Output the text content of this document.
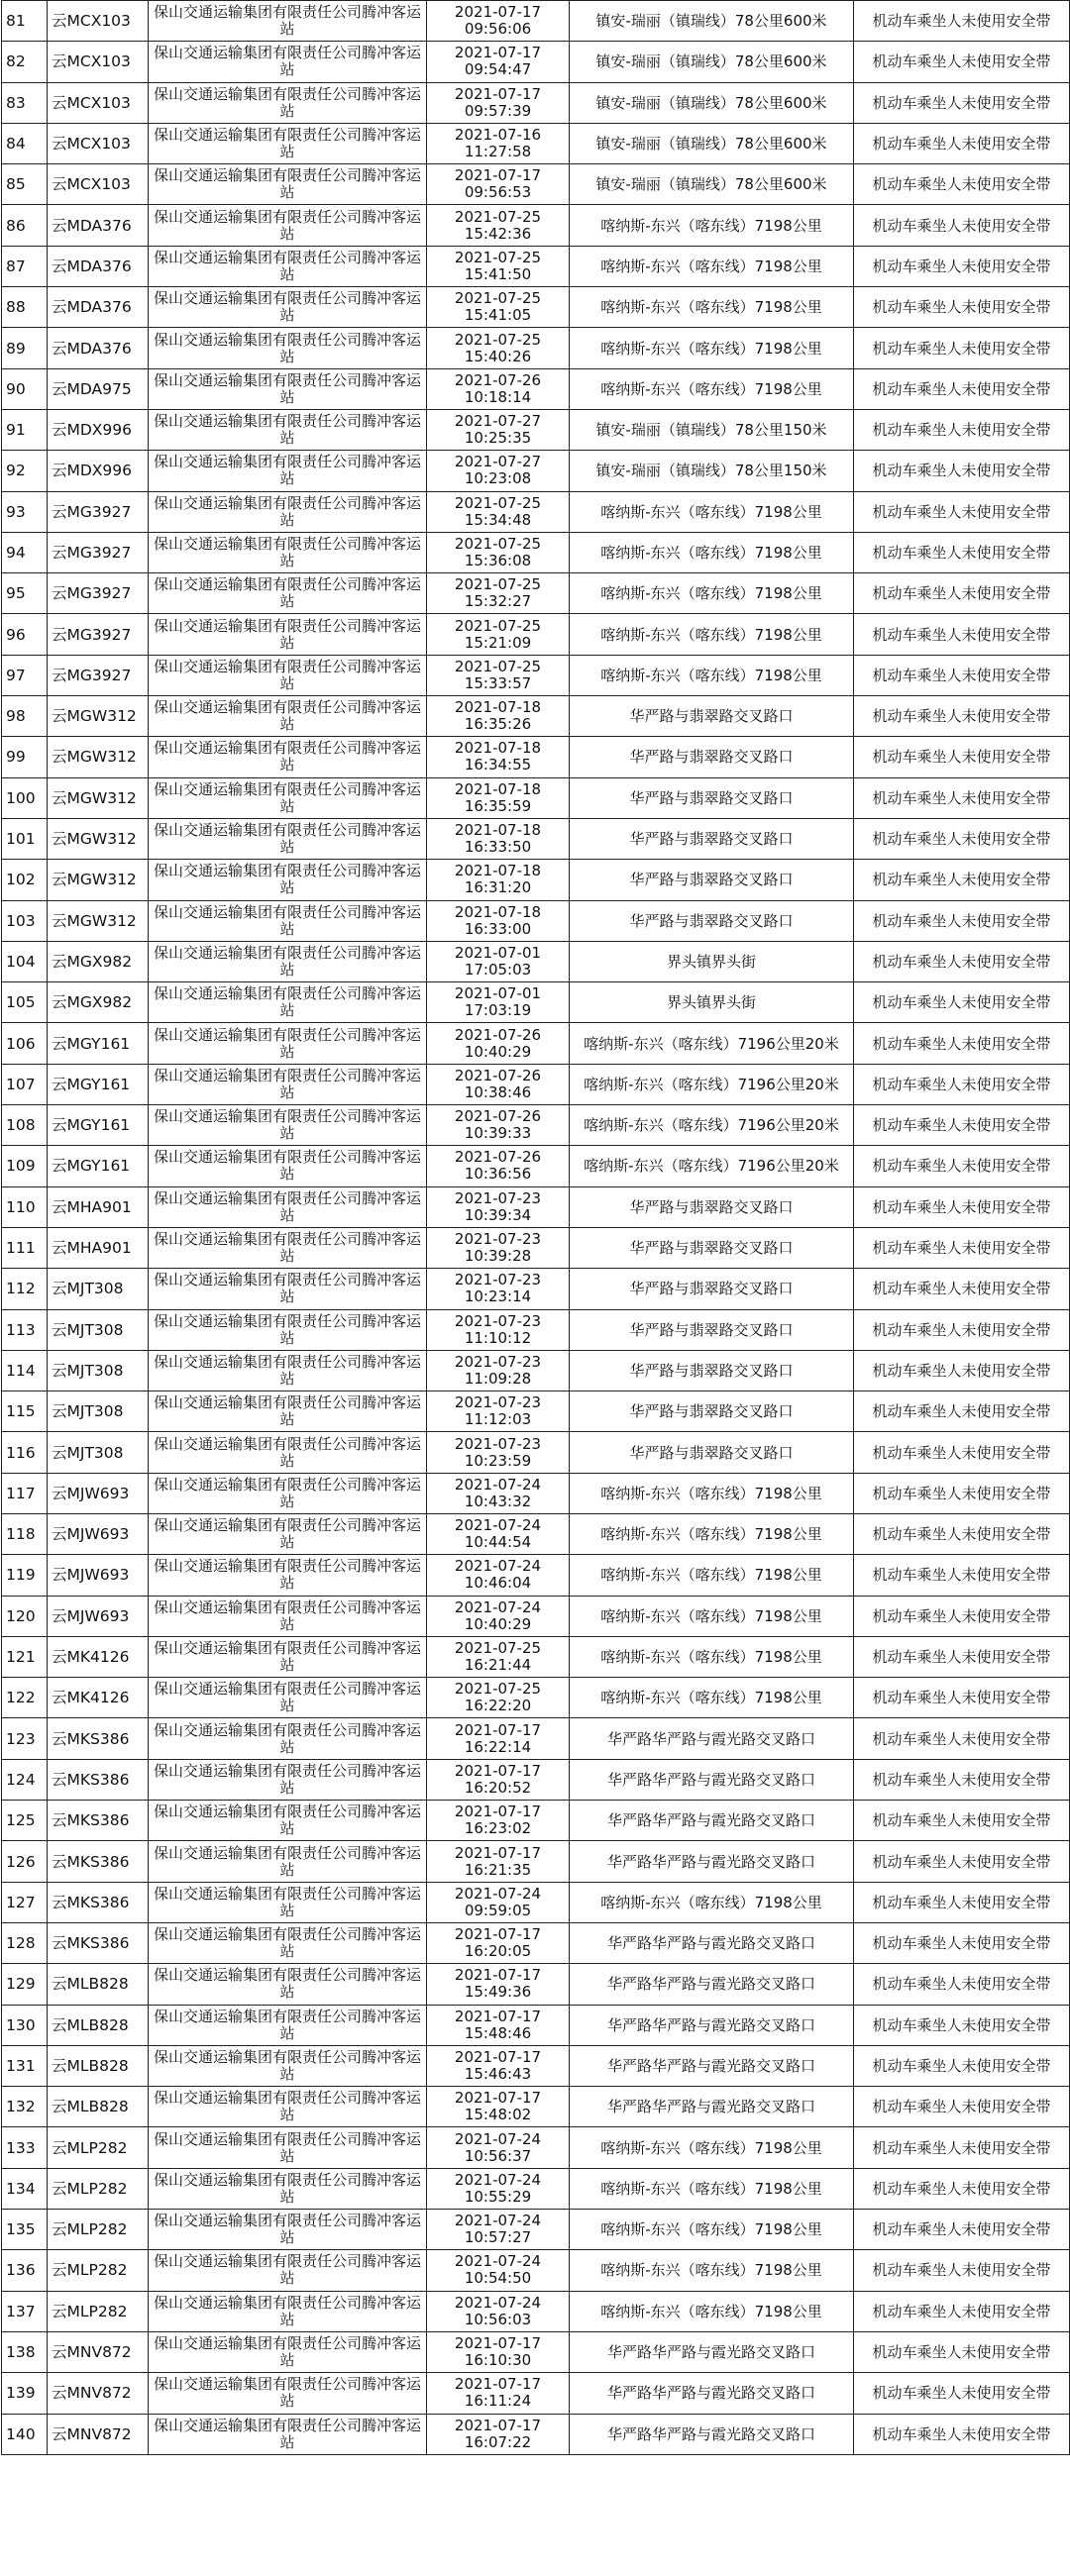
81	云MCX103	保山交通运输集团有限责任公司腾冲客运站	2021-07-17 09:56:06	镇安-瑞丽（镇瑞线）78公里600米	机动车乘坐人未使用安全带
82	云MCX103	保山交通运输集团有限责任公司腾冲客运站	2021-07-17 09:54:47	镇安-瑞丽（镇瑞线）78公里600米	机动车乘坐人未使用安全带
83	云MCX103	保山交通运输集团有限责任公司腾冲客运站	2021-07-17 09:57:39	镇安-瑞丽（镇瑞线）78公里600米	机动车乘坐人未使用安全带
84	云MCX103	保山交通运输集团有限责任公司腾冲客运站	2021-07-16 11:27:58	镇安-瑞丽（镇瑞线）78公里600米	机动车乘坐人未使用安全带
85	云MCX103	保山交通运输集团有限责任公司腾冲客运站	2021-07-17 09:56:53	镇安-瑞丽（镇瑞线）78公里600米	机动车乘坐人未使用安全带
86	云MDA376	保山交通运输集团有限责任公司腾冲客运站	2021-07-25 15:42:36	喀纳斯-东兴（喀东线）7198公里	机动车乘坐人未使用安全带
87	云MDA376	保山交通运输集团有限责任公司腾冲客运站	2021-07-25 15:41:50	喀纳斯-东兴（喀东线）7198公里	机动车乘坐人未使用安全带
88	云MDA376	保山交通运输集团有限责任公司腾冲客运站	2021-07-25 15:41:05	喀纳斯-东兴（喀东线）7198公里	机动车乘坐人未使用安全带
89	云MDA376	保山交通运输集团有限责任公司腾冲客运站	2021-07-25 15:40:26	喀纳斯-东兴（喀东线）7198公里	机动车乘坐人未使用安全带
90	云MDA975	保山交通运输集团有限责任公司腾冲客运站	2021-07-26 10:18:14	喀纳斯-东兴（喀东线）7198公里	机动车乘坐人未使用安全带
91	云MDX996	保山交通运输集团有限责任公司腾冲客运站	2021-07-27 10:25:35	镇安-瑞丽（镇瑞线）78公里150米	机动车乘坐人未使用安全带
92	云MDX996	保山交通运输集团有限责任公司腾冲客运站	2021-07-27 10:23:08	镇安-瑞丽（镇瑞线）78公里150米	机动车乘坐人未使用安全带
93	云MG3927	保山交通运输集团有限责任公司腾冲客运站	2021-07-25 15:34:48	喀纳斯-东兴（喀东线）7198公里	机动车乘坐人未使用安全带
94	云MG3927	保山交通运输集团有限责任公司腾冲客运站	2021-07-25 15:36:08	喀纳斯-东兴（喀东线）7198公里	机动车乘坐人未使用安全带
95	云MG3927	保山交通运输集团有限责任公司腾冲客运站	2021-07-25 15:32:27	喀纳斯-东兴（喀东线）7198公里	机动车乘坐人未使用安全带
96	云MG3927	保山交通运输集团有限责任公司腾冲客运站	2021-07-25 15:21:09	喀纳斯-东兴（喀东线）7198公里	机动车乘坐人未使用安全带
97	云MG3927	保山交通运输集团有限责任公司腾冲客运站	2021-07-25 15:33:57	喀纳斯-东兴（喀东线）7198公里	机动车乘坐人未使用安全带
98	云MGW312	保山交通运输集团有限责任公司腾冲客运站	2021-07-18 16:35:26	华严路与翡翠路交叉路口	机动车乘坐人未使用安全带
99	云MGW312	保山交通运输集团有限责任公司腾冲客运站	2021-07-18 16:34:55	华严路与翡翠路交叉路口	机动车乘坐人未使用安全带
100	云MGW312	保山交通运输集团有限责任公司腾冲客运站	2021-07-18 16:35:59	华严路与翡翠路交叉路口	机动车乘坐人未使用安全带
101	云MGW312	保山交通运输集团有限责任公司腾冲客运站	2021-07-18 16:33:50	华严路与翡翠路交叉路口	机动车乘坐人未使用安全带
102	云MGW312	保山交通运输集团有限责任公司腾冲客运站	2021-07-18 16:31:20	华严路与翡翠路交叉路口	机动车乘坐人未使用安全带
103	云MGW312	保山交通运输集团有限责任公司腾冲客运站	2021-07-18 16:33:00	华严路与翡翠路交叉路口	机动车乘坐人未使用安全带
104	云MGX982	保山交通运输集团有限责任公司腾冲客运站	2021-07-01 17:05:03	界头镇界头街	机动车乘坐人未使用安全带
105	云MGX982	保山交通运输集团有限责任公司腾冲客运站	2021-07-01 17:03:19	界头镇界头街	机动车乘坐人未使用安全带
106	云MGY161	保山交通运输集团有限责任公司腾冲客运站	2021-07-26 10:40:29	喀纳斯-东兴（喀东线）7196公里20米	机动车乘坐人未使用安全带
107	云MGY161	保山交通运输集团有限责任公司腾冲客运站	2021-07-26 10:38:46	喀纳斯-东兴（喀东线）7196公里20米	机动车乘坐人未使用安全带
108	云MGY161	保山交通运输集团有限责任公司腾冲客运站	2021-07-26 10:39:33	喀纳斯-东兴（喀东线）7196公里20米	机动车乘坐人未使用安全带
109	云MGY161	保山交通运输集团有限责任公司腾冲客运站	2021-07-26 10:36:56	喀纳斯-东兴（喀东线）7196公里20米	机动车乘坐人未使用安全带
110	云MHA901	保山交通运输集团有限责任公司腾冲客运站	2021-07-23 10:39:34	华严路与翡翠路交叉路口	机动车乘坐人未使用安全带
111	云MHA901	保山交通运输集团有限责任公司腾冲客运站	2021-07-23 10:39:28	华严路与翡翠路交叉路口	机动车乘坐人未使用安全带
112	云MJT308	保山交通运输集团有限责任公司腾冲客运站	2021-07-23 10:23:14	华严路与翡翠路交叉路口	机动车乘坐人未使用安全带
113	云MJT308	保山交通运输集团有限责任公司腾冲客运站	2021-07-23 11:10:12	华严路与翡翠路交叉路口	机动车乘坐人未使用安全带
114	云MJT308	保山交通运输集团有限责任公司腾冲客运站	2021-07-23 11:09:28	华严路与翡翠路交叉路口	机动车乘坐人未使用安全带
115	云MJT308	保山交通运输集团有限责任公司腾冲客运站	2021-07-23 11:12:03	华严路与翡翠路交叉路口	机动车乘坐人未使用安全带
116	云MJT308	保山交通运输集团有限责任公司腾冲客运站	2021-07-23 10:23:59	华严路与翡翠路交叉路口	机动车乘坐人未使用安全带
117	云MJW693	保山交通运输集团有限责任公司腾冲客运站	2021-07-24 10:43:32	喀纳斯-东兴（喀东线）7198公里	机动车乘坐人未使用安全带
118	云MJW693	保山交通运输集团有限责任公司腾冲客运站	2021-07-24 10:44:54	喀纳斯-东兴（喀东线）7198公里	机动车乘坐人未使用安全带
119	云MJW693	保山交通运输集团有限责任公司腾冲客运站	2021-07-24 10:46:04	喀纳斯-东兴（喀东线）7198公里	机动车乘坐人未使用安全带
120	云MJW693	保山交通运输集团有限责任公司腾冲客运站	2021-07-24 10:40:29	喀纳斯-东兴（喀东线）7198公里	机动车乘坐人未使用安全带
121	云MK4126	保山交通运输集团有限责任公司腾冲客运站	2021-07-25 16:21:44	喀纳斯-东兴（喀东线）7198公里	机动车乘坐人未使用安全带
122	云MK4126	保山交通运输集团有限责任公司腾冲客运站	2021-07-25 16:22:20	喀纳斯-东兴（喀东线）7198公里	机动车乘坐人未使用安全带
123	云MKS386	保山交通运输集团有限责任公司腾冲客运站	2021-07-17 16:22:14	华严路华严路与霞光路交叉路口	机动车乘坐人未使用安全带
124	云MKS386	保山交通运输集团有限责任公司腾冲客运站	2021-07-17 16:20:52	华严路华严路与霞光路交叉路口	机动车乘坐人未使用安全带
125	云MKS386	保山交通运输集团有限责任公司腾冲客运站	2021-07-17 16:23:02	华严路华严路与霞光路交叉路口	机动车乘坐人未使用安全带
126	云MKS386	保山交通运输集团有限责任公司腾冲客运站	2021-07-17 16:21:35	华严路华严路与霞光路交叉路口	机动车乘坐人未使用安全带
127	云MKS386	保山交通运输集团有限责任公司腾冲客运站	2021-07-24 09:59:05	喀纳斯-东兴（喀东线）7198公里	机动车乘坐人未使用安全带
128	云MKS386	保山交通运输集团有限责任公司腾冲客运站	2021-07-17 16:20:05	华严路华严路与霞光路交叉路口	机动车乘坐人未使用安全带
129	云MLB828	保山交通运输集团有限责任公司腾冲客运站	2021-07-17 15:49:36	华严路华严路与霞光路交叉路口	机动车乘坐人未使用安全带
130	云MLB828	保山交通运输集团有限责任公司腾冲客运站	2021-07-17 15:48:46	华严路华严路与霞光路交叉路口	机动车乘坐人未使用安全带
131	云MLB828	保山交通运输集团有限责任公司腾冲客运站	2021-07-17 15:46:43	华严路华严路与霞光路交叉路口	机动车乘坐人未使用安全带
132	云MLB828	保山交通运输集团有限责任公司腾冲客运站	2021-07-17 15:48:02	华严路华严路与霞光路交叉路口	机动车乘坐人未使用安全带
133	云MLP282	保山交通运输集团有限责任公司腾冲客运站	2021-07-24 10:56:37	喀纳斯-东兴（喀东线）7198公里	机动车乘坐人未使用安全带
134	云MLP282	保山交通运输集团有限责任公司腾冲客运站	2021-07-24 10:55:29	喀纳斯-东兴（喀东线）7198公里	机动车乘坐人未使用安全带
135	云MLP282	保山交通运输集团有限责任公司腾冲客运站	2021-07-24 10:57:27	喀纳斯-东兴（喀东线）7198公里	机动车乘坐人未使用安全带
136	云MLP282	保山交通运输集团有限责任公司腾冲客运站	2021-07-24 10:54:50	喀纳斯-东兴（喀东线）7198公里	机动车乘坐人未使用安全带
137	云MLP282	保山交通运输集团有限责任公司腾冲客运站	2021-07-24 10:56:03	喀纳斯-东兴（喀东线）7198公里	机动车乘坐人未使用安全带
138	云MNV872	保山交通运输集团有限责任公司腾冲客运站	2021-07-17 16:10:30	华严路华严路与霞光路交叉路口	机动车乘坐人未使用安全带
139	云MNV872	保山交通运输集团有限责任公司腾冲客运站	2021-07-17 16:11:24	华严路华严路与霞光路交叉路口	机动车乘坐人未使用安全带
140	云MNV872	保山交通运输集团有限责任公司腾冲客运站	2021-07-17 16:07:22	华严路华严路与霞光路交叉路口	机动车乘坐人未使用安全带
